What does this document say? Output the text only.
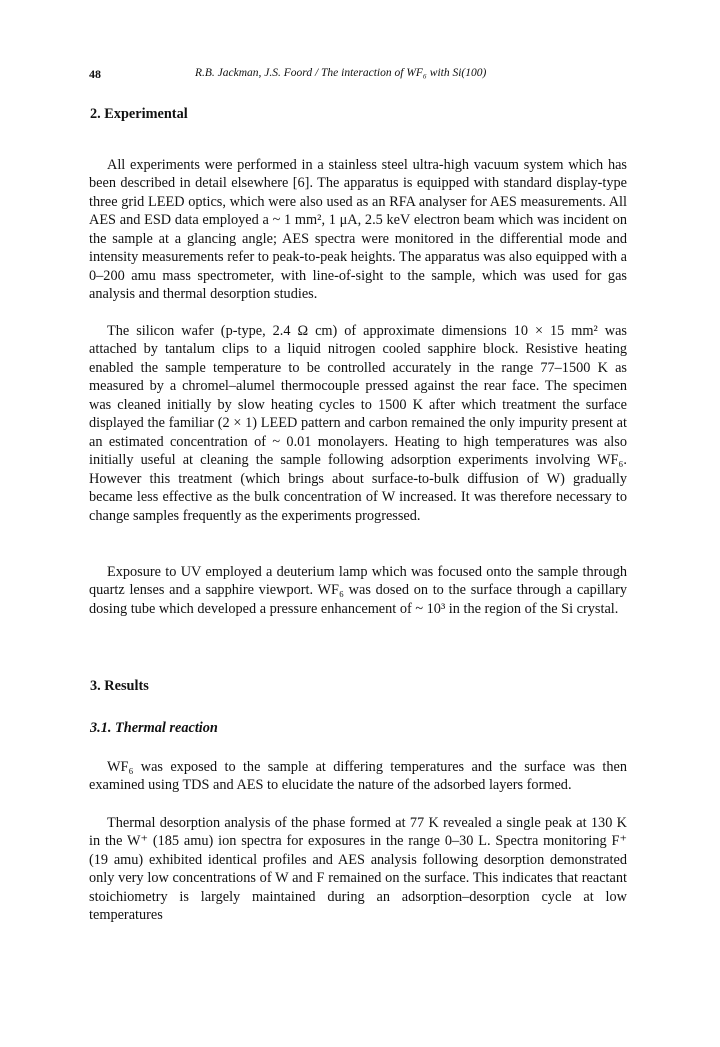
48	R.B. Jackman, J.S. Foord / The interaction of WF₆ with Si(100)
2. Experimental

All experiments were performed in a stainless steel ultra-high vacuum system which has been described in detail elsewhere [6]. The apparatus is equipped with standard display-type three grid LEED optics, which were also used as an RFA analyser for AES measurements. All AES and ESD data employed a ~ 1 mm², 1 μA, 2.5 keV electron beam which was incident on the sample at a glancing angle; AES spectra were monitored in the differential mode and intensity measurements refer to peak-to-peak heights. The apparatus was also equipped with a 0–200 amu mass spectrometer, with line-of-sight to the sample, which was used for gas analysis and thermal desorption studies.

The silicon wafer (p-type, 2.4 Ω cm) of approximate dimensions 10 × 15 mm² was attached by tantalum clips to a liquid nitrogen cooled sapphire block. Resistive heating enabled the sample temperature to be controlled accurately in the range 77–1500 K as measured by a chromel–alumel thermocouple pressed against the rear face. The specimen was cleaned initially by slow heating cycles to 1500 K after which treatment the surface displayed the familiar (2 × 1) LEED pattern and carbon remained the only impurity present at an estimated concentration of ~ 0.01 monolayers. Heating to high temperatures was also initially useful at cleaning the sample following adsorption experiments involving WF₆. However this treatment (which brings about surface-to-bulk diffusion of W) gradually became less effective as the bulk concentration of W increased. It was therefore necessary to change samples frequently as the experiments progressed.

Exposure to UV employed a deuterium lamp which was focused onto the sample through quartz lenses and a sapphire viewport. WF₆ was dosed on to the surface through a capillary dosing tube which developed a pressure enhancement of ~ 10³ in the region of the Si crystal.

3. Results
3.1. Thermal reaction

WF₆ was exposed to the sample at differing temperatures and the surface was then examined using TDS and AES to elucidate the nature of the adsorbed layers formed.

Thermal desorption analysis of the phase formed at 77 K revealed a single peak at 130 K in the W⁺ (185 amu) ion spectra for exposures in the range 0–30 L. Spectra monitoring F⁺ (19 amu) exhibited identical profiles and AES analysis following desorption demonstrated only very low concentrations of W and F remained on the surface. This indicates that reactant stoichiometry is largely maintained during an adsorption–desorption cycle at low temperatures
